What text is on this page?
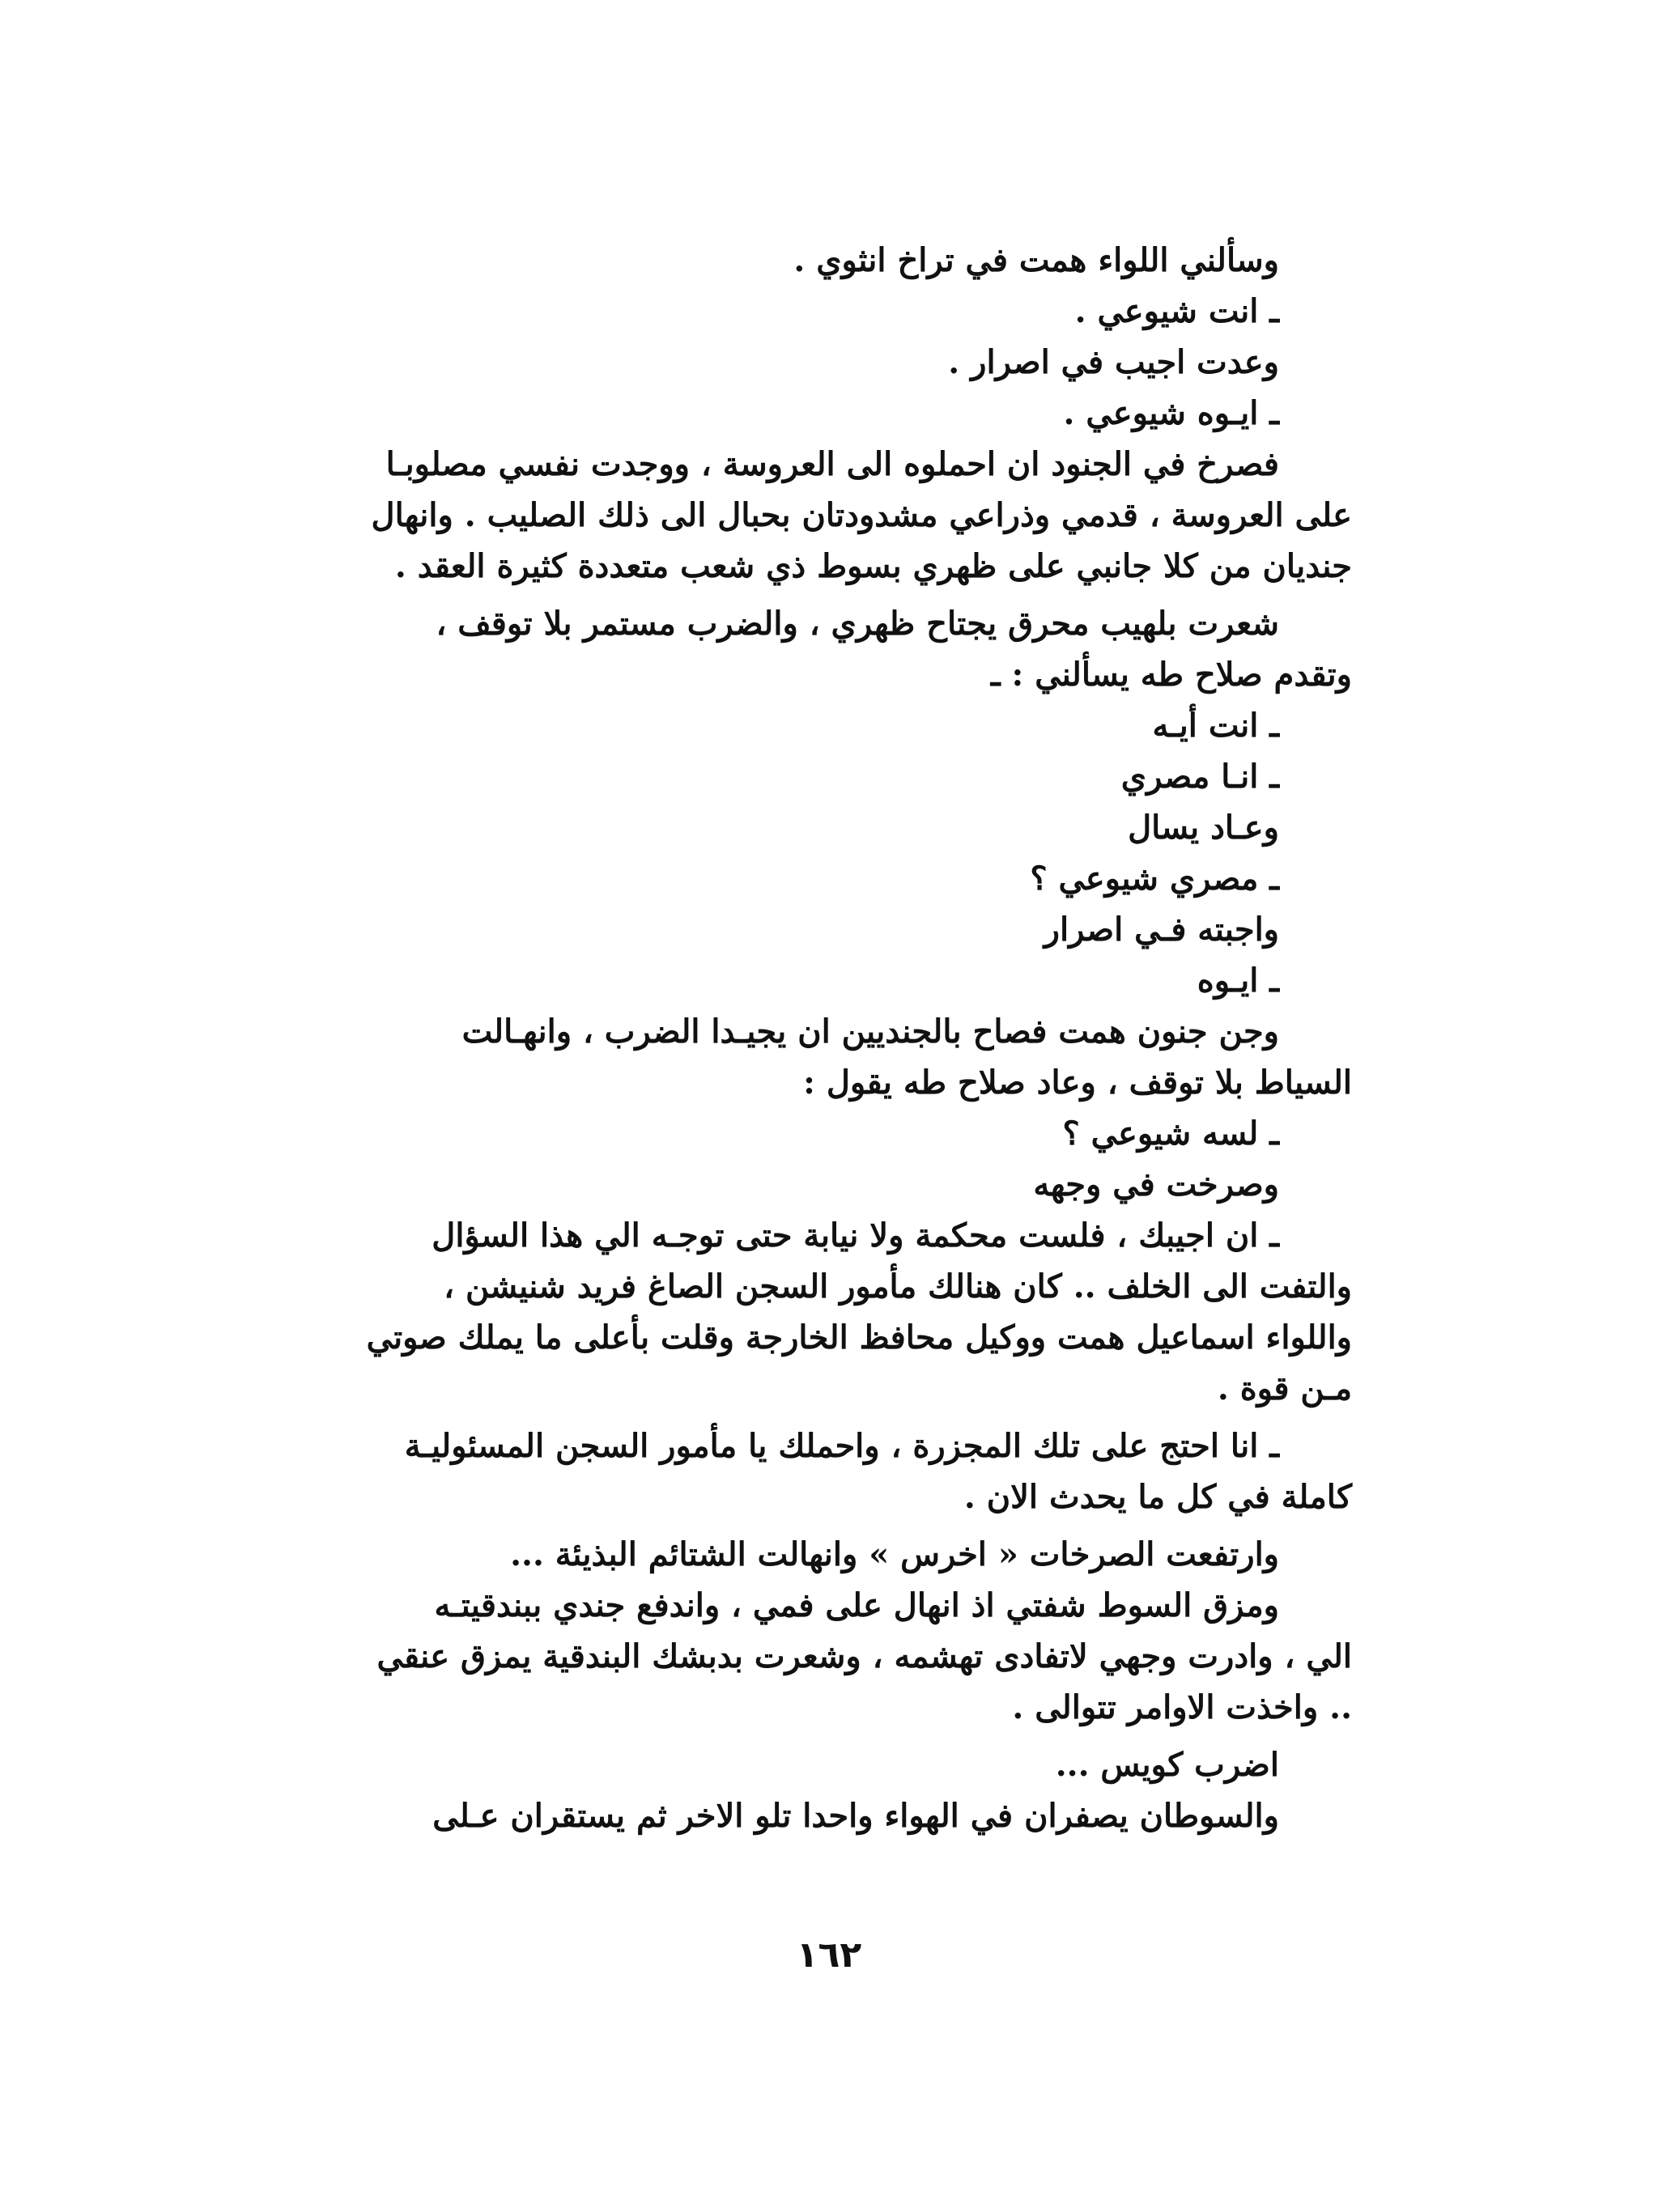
وسألني اللواء همت في تراخ انثوي .
ـ انت شيوعي .
وعدت اجيب في اصرار .
ـ ايـوه شيوعي .
فصرخ في الجنود ان احملوه الى العروسة ، ووجدت نفسي مصلوبـا
على العروسة ، قدمي وذراعي مشدودتان بحبال الى ذلك الصليب . وانهال
جنديان من كلا جانبي على ظهري بسوط ذي شعب متعددة كثيرة العقد .
شعرت بلهيب محرق يجتاح ظهري ، والضرب مستمر بلا توقف ،
وتقدم صلاح طه يسألني : ـ
ـ انت أيـه
ـ انـا مصري
وعـاد يسال
ـ مصري شيوعي ؟
واجبته فـي اصرار
ـ ايـوه
وجن جنون همت فصاح بالجنديين ان يجيـدا الضرب ، وانهـالت
السياط بلا توقف ، وعاد صلاح طه يقول :
ـ لسه شيوعي ؟
وصرخت في وجهه
ـ ان اجيبك ، فلست محكمة ولا نيابة حتى توجـه الي هذا السؤال
والتفت الى الخلف .. كان هنالك مأمور السجن الصاغ فريد شنيشن ،
واللواء اسماعيل همت ووكيل محافظ الخارجة وقلت بأعلى ما يملك صوتي
مـن قوة .
ـ انا احتج على تلك المجزرة ، واحملك يا مأمور السجن المسئوليـة
كاملة في كل ما يحدث الان .
وارتفعت الصرخات « اخرس » وانهالت الشتائم البذيئة ...
ومزق السوط شفتي اذ انهال على فمي ، واندفع جندي ببندقيتـه
الي ، وادرت وجهي لاتفادى تهشمه ، وشعرت بدبشك البندقية يمزق عنقي
.. واخذت الاوامر تتوالى .
اضرب كويس ...
والسوطان يصفران في الهواء واحدا تلو الاخر ثم يستقران عـلى
١٦٢
